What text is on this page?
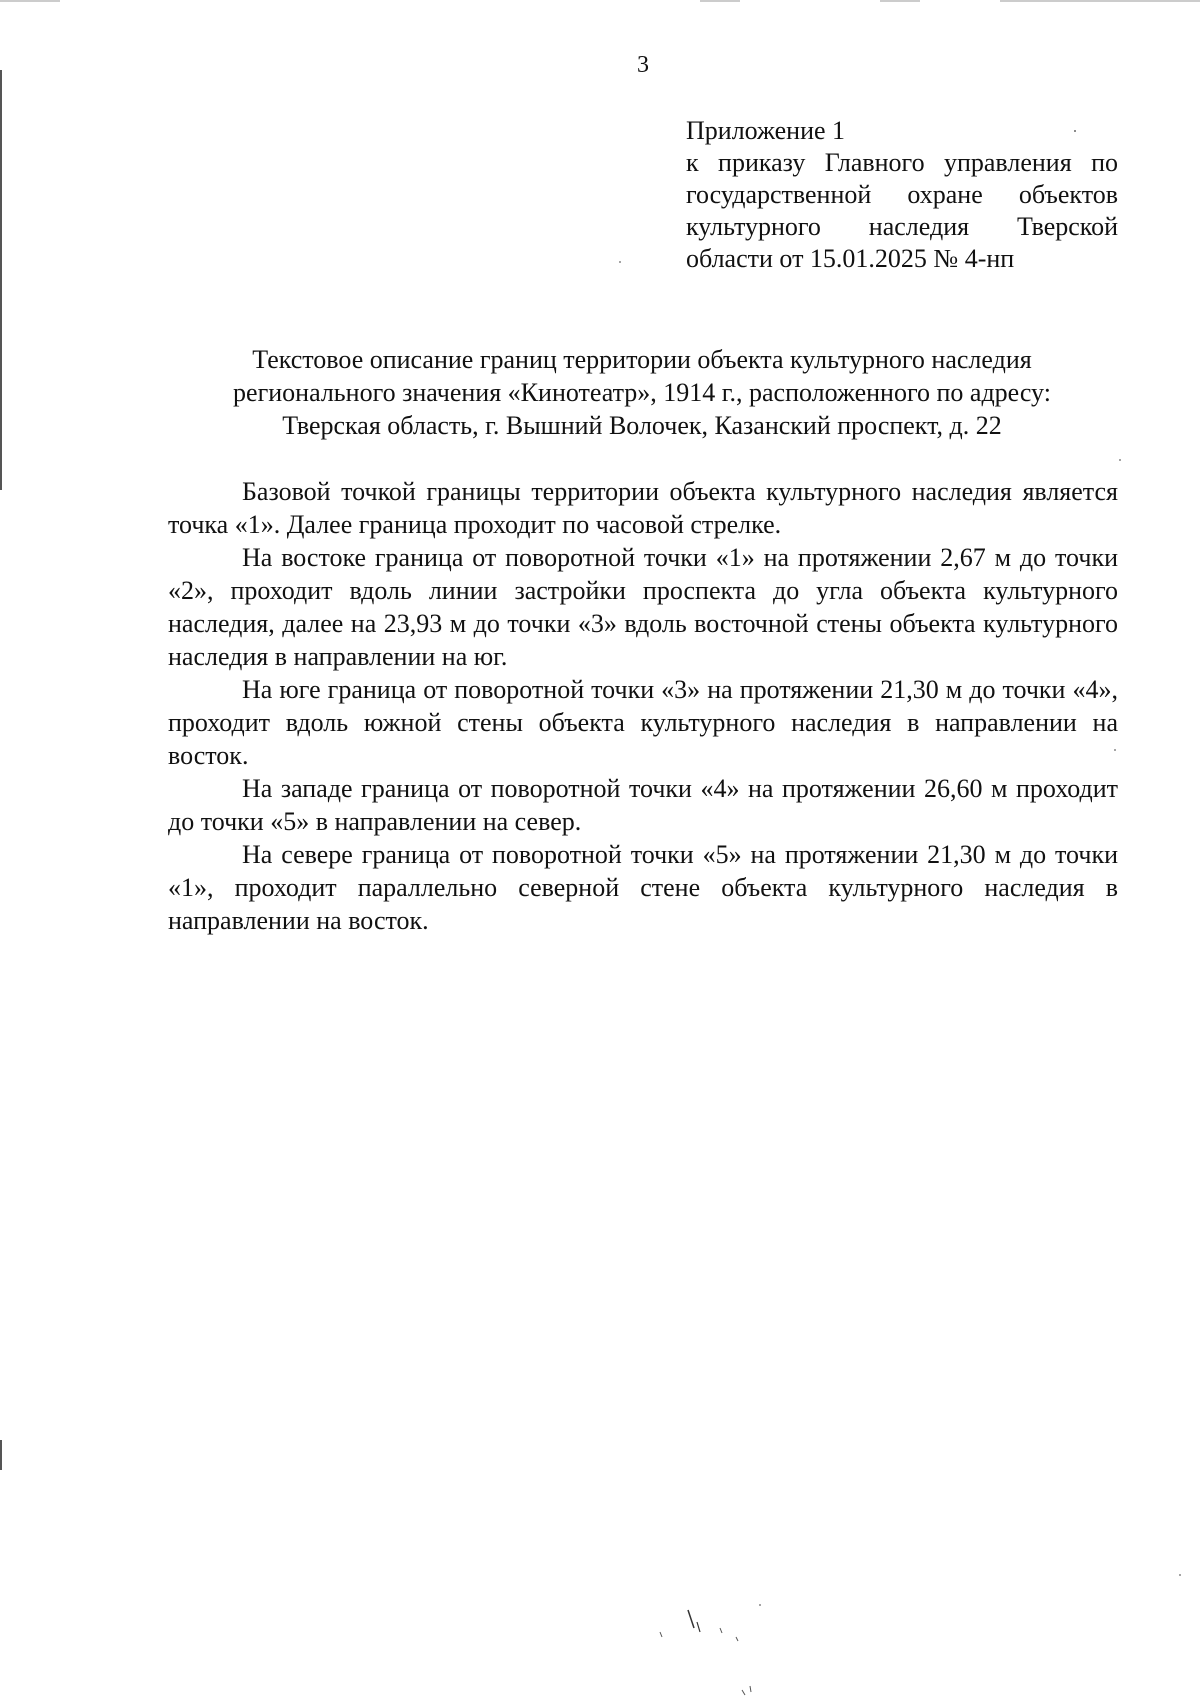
3
Приложение 1
к приказу Главного управления по
государственной охране объектов
культурного наследия Тверской
области от 15.01.2025 № 4-нп
Текстовое описание границ территории объекта культурного наследия
регионального значения «Кинотеатр», 1914 г., расположенного по адресу:
Тверская область, г. Вышний Волочек, Казанский проспект, д. 22

Базовой точкой границы территории объекта культурного наследия является точка «1». Далее граница проходит по часовой стрелке.

На востоке граница от поворотной точки «1» на протяжении 2,67 м до точки «2», проходит вдоль линии застройки проспекта до угла объекта культурного наследия, далее на 23,93 м до точки «3» вдоль восточной стены объекта культурного наследия в направлении на юг.

На юге граница от поворотной точки «3» на протяжении 21,30 м до точки «4», проходит вдоль южной стены объекта культурного наследия в направлении на восток.

На западе граница от поворотной точки «4» на протяжении 26,60 м проходит до точки «5» в направлении на север.

На севере граница от поворотной точки «5» на протяжении 21,30 м до точки «1», проходит параллельно северной стене объекта культурного наследия в направлении на восток.
